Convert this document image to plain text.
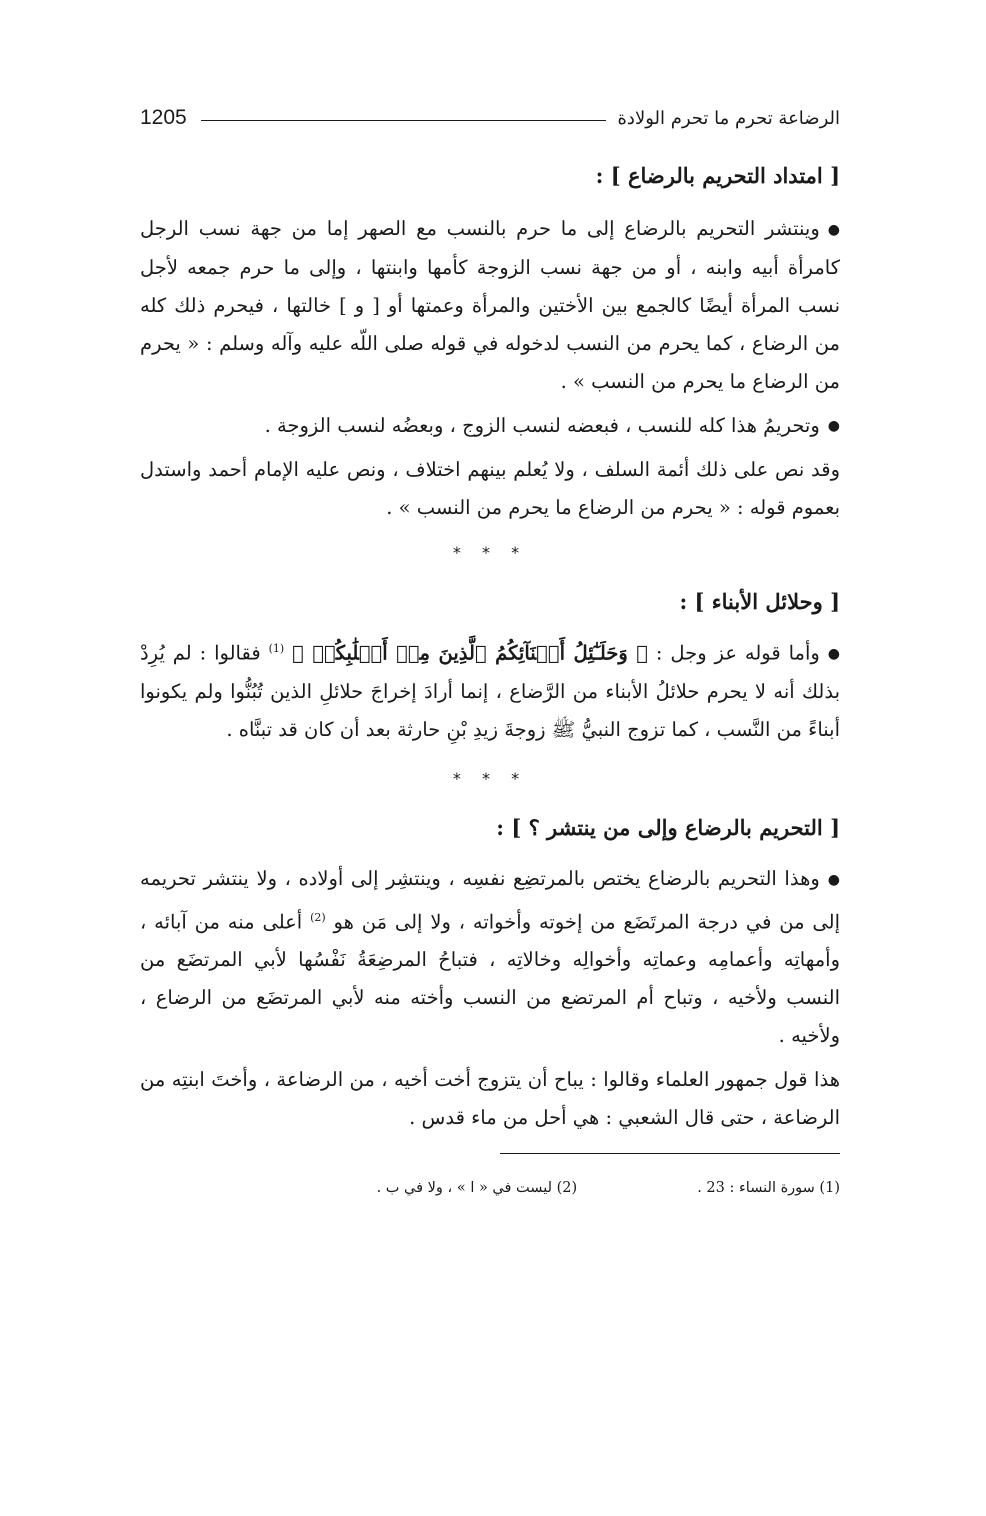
الرضاعة تحرم ما تحرم الولادة
1205
[ امتداد التحريم بالرضاع ] :

●وينتشر التحريم بالرضاع إلى ما حرم بالنسب مع الصهر إما من جهة نسب الرجل كامرأة أبيه وابنه ، أو من جهة نسب الزوجة كأمها وابنتها ، وإلى ما حرم جمعه لأجل نسب المرأة أيضًا كالجمع بين الأختين والمرأة وعمتها أو [ و ] خالتها ، فيحرم ذلك كله من الرضاع ، كما يحرم من النسب لدخوله في قوله صلى اللّه عليه وآله وسلم : « يحرم من الرضاع ما يحرم من النسب » .

●وتحريمُ هذا كله للنسب ، فبعضه لنسب الزوج ، وبعضُه لنسب الزوجة .

وقد نص على ذلك أئمة السلف ، ولا يُعلم بينهم اختلاف ، ونص عليه الإمام أحمد واستدل بعموم قوله : « يحرم من الرضاع ما يحرم من النسب » .

* * *
[ وحلائل الأبناء ] :

●وأما قوله عز وجل : ﴿ وَحَلَـٰٓئِلُ أَبۡنَآئِكُمُ ٱلَّذِينَ مِنۡ أَصۡلَٰبِكُمۡ ﴾ $^{(1)}$ فقالوا : لم يُرِدْ بذلك أنه لا يحرم حلائلُ الأبناء من الرَّضاع ، إنما أرادَ إخراجَ حلائلِ الذين تُبُنُّوا ولم يكونوا أبناءً من النَّسب ، كما تزوج النبيُّ ﷺ زوجةَ زيدِ بْنِ حارثة بعد أن كان قد تبنَّاه .

* * *
[ التحريم بالرضاع وإلى من ينتشر ؟ ] :

●وهذا التحريم بالرضاع يختص بالمرتضِع نفسِه ، وينتشِر إلى أولاده ، ولا ينتشر تحريمه إلى من في درجة المرتَضَع من إخوته وأخواته ، ولا إلى مَن هو $^{(2)}$ أعلى منه من آبائه ، وأمهاتِه وأعمامِه وعماتِه وأخوالِه وخالاتِه ، فتباحُ المرضِعَةُ نَفْسُها لأبي المرتضَع من النسب ولأخيه ، وتباح أم المرتضع من النسب وأخته منه لأبي المرتضَع من الرضاع ، ولأخيه .

هذا قول جمهور العلماء وقالوا : يباح أن يتزوج أخت أخيه ، من الرضاعة ، وأختَ ابنتِه من الرضاعة ، حتى قال الشعبي : هي أحل من ماء قدس .

(1) سورة النساء : 23 .
(2) ليست في « ا » ، ولا في ب .
